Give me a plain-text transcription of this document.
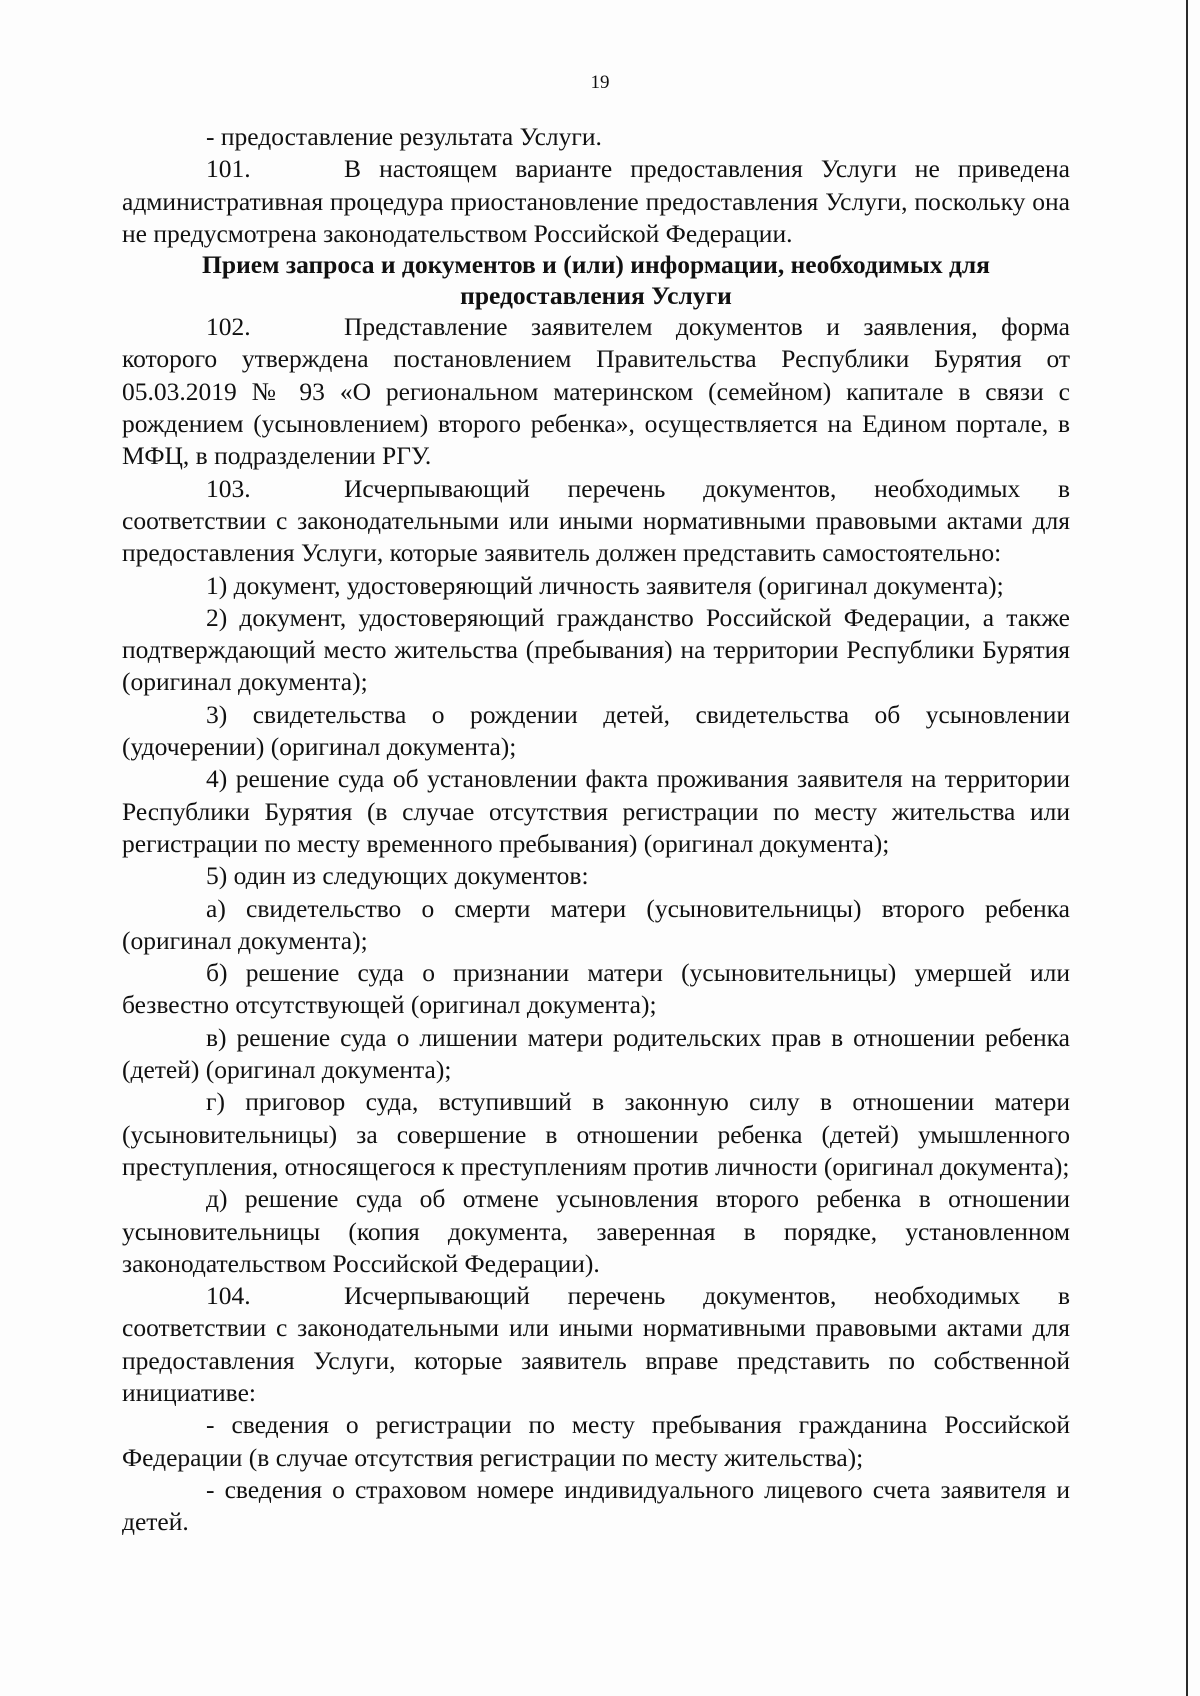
19

- предоставление результата Услуги.

101.	В настоящем варианте предоставления Услуги не приведена административная процедура приостановление предоставления Услуги, поскольку она не предусмотрена законодательством Российской Федерации.

Прием запроса и документов и (или) информации, необходимых для предоставления Услуги

102.	Представление заявителем документов и заявления, форма которого утверждена постановлением Правительства Республики Бурятия от 05.03.2019 № 93 «О региональном материнском (семейном) капитале в связи с рождением (усыновлением) второго ребенка», осуществляется на Едином портале, в МФЦ, в подразделении РГУ.

103.	Исчерпывающий перечень документов, необходимых в соответствии с законодательными или иными нормативными правовыми актами для предоставления Услуги, которые заявитель должен представить самостоятельно:

1) документ, удостоверяющий личность заявителя (оригинал документа);

2) документ, удостоверяющий гражданство Российской Федерации, а также подтверждающий место жительства (пребывания) на территории Республики Бурятия (оригинал документа);

3) свидетельства о рождении детей, свидетельства об усыновлении (удочерении) (оригинал документа);

4) решение суда об установлении факта проживания заявителя на территории Республики Бурятия (в случае отсутствия регистрации по месту жительства или регистрации по месту временного пребывания) (оригинал документа);

5) один из следующих документов:

а) свидетельство о смерти матери (усыновительницы) второго ребенка (оригинал документа);

б) решение суда о признании матери (усыновительницы) умершей или безвестно отсутствующей (оригинал документа);

в) решение суда о лишении матери родительских прав в отношении ребенка (детей) (оригинал документа);

г) приговор суда, вступивший в законную силу в отношении матери (усыновительницы) за совершение в отношении ребенка (детей) умышленного преступления, относящегося к преступлениям против личности (оригинал документа);

д) решение суда об отмене усыновления второго ребенка в отношении усыновительницы (копия документа, заверенная в порядке, установленном законодательством Российской Федерации).

104.	Исчерпывающий перечень документов, необходимых в соответствии с законодательными или иными нормативными правовыми актами для предоставления Услуги, которые заявитель вправе представить по собственной инициативе:

- сведения о регистрации по месту пребывания гражданина Российской Федерации (в случае отсутствия регистрации по месту жительства);

- сведения о страховом номере индивидуального лицевого счета заявителя и детей.
